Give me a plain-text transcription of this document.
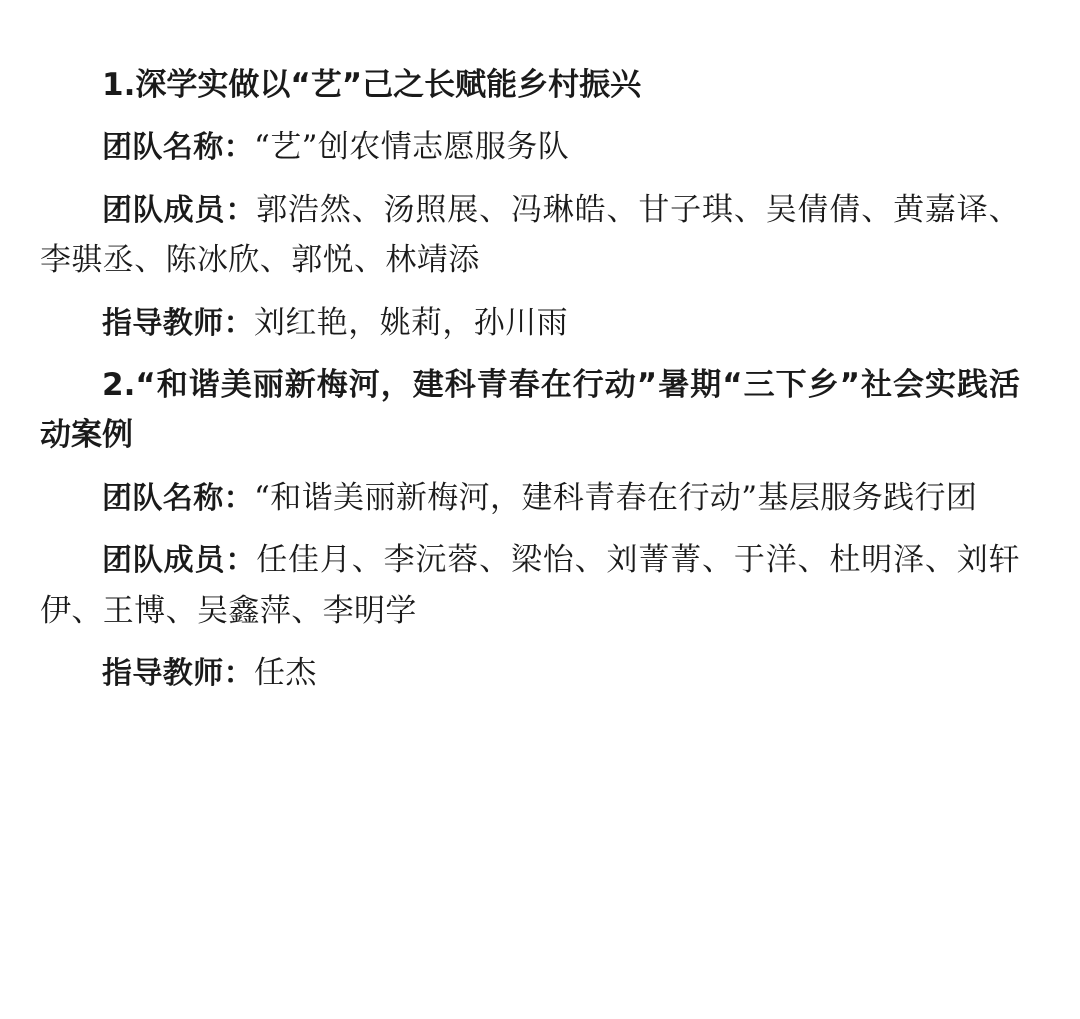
1.深学实做以“艺”己之长赋能乡村振兴

团队名称：“艺”创农情志愿服务队

团队成员：郭浩然、汤照展、冯琳皓、甘子琪、吴倩倩、黄嘉译、李骐丞、陈冰欣、郭悦、林靖添

指导教师：刘红艳，姚莉，孙川雨

2.“和谐美丽新梅河，建科青春在行动”暑期“三下乡”社会实践活动案例

团队名称：“和谐美丽新梅河，建科青春在行动”基层服务践行团

团队成员：任佳月、李沅蓉、梁怡、刘菁菁、于洋、杜明泽、刘轩伊、王博、吴鑫萍、李明学

指导教师：任杰
